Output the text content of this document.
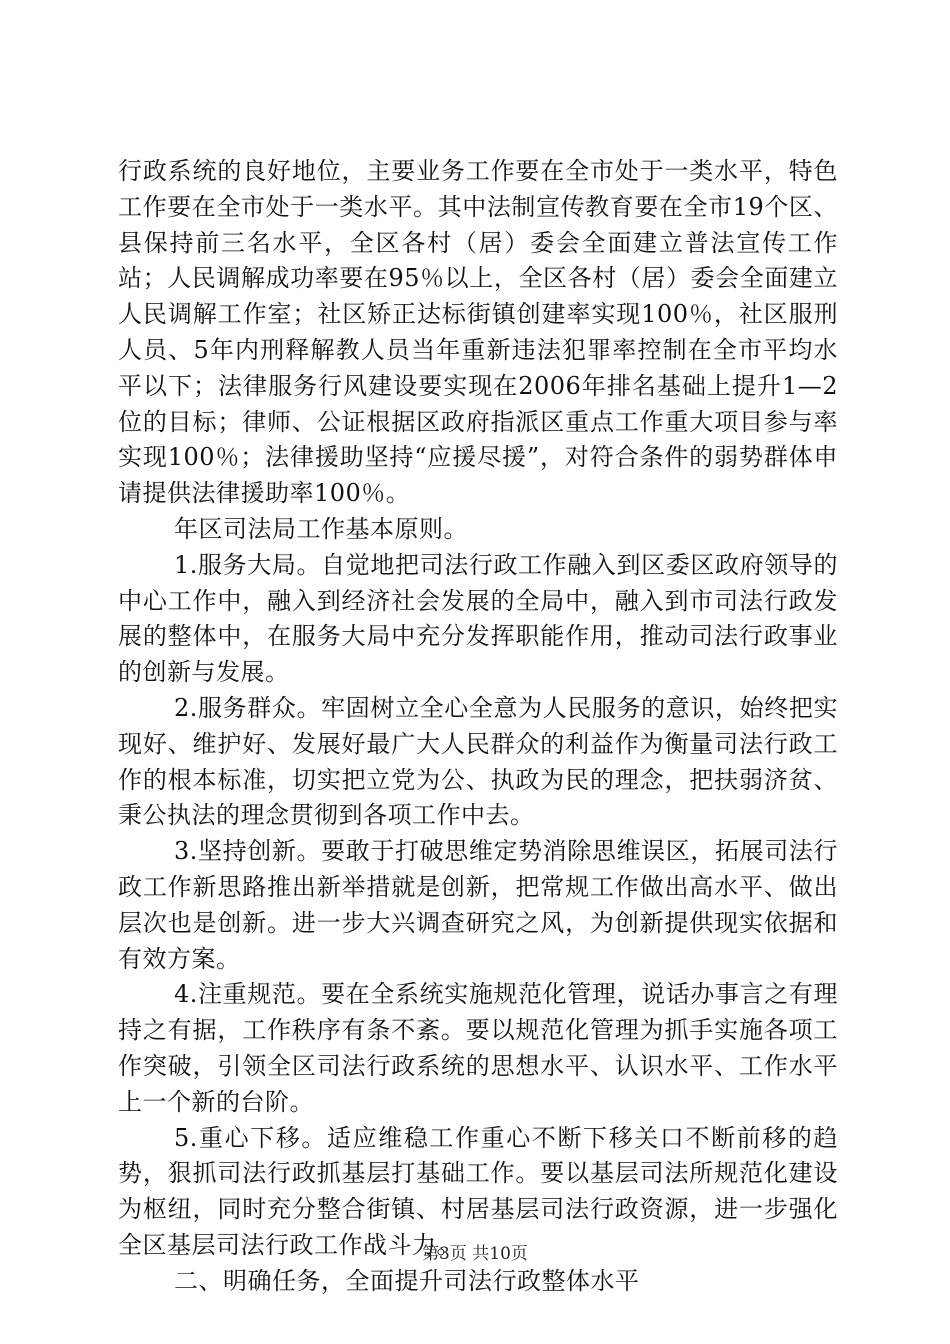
行政系统的良好地位，主要业务工作要在全市处于一类水平，特色工作要在全市处于一类水平。其中法制宣传教育要在全市19个区、县保持前三名水平，全区各村（居）委会全面建立普法宣传工作站；人民调解成功率要在95％以上，全区各村（居）委会全面建立人民调解工作室；社区矫正达标街镇创建率实现100％，社区服刑人员、5年内刑释解教人员当年重新违法犯罪率控制在全市平均水平以下；法律服务行风建设要实现在2006年排名基础上提升1—2位的目标；律师、公证根据区政府指派区重点工作重大项目参与率实现100％；法律援助坚持“应援尽援”，对符合条件的弱势群体申请提供法律援助率100％。

年区司法局工作基本原则。

1.服务大局。自觉地把司法行政工作融入到区委区政府领导的中心工作中，融入到经济社会发展的全局中，融入到市司法行政发展的整体中，在服务大局中充分发挥职能作用，推动司法行政事业的创新与发展。

2.服务群众。牢固树立全心全意为人民服务的意识，始终把实现好、维护好、发展好最广大人民群众的利益作为衡量司法行政工作的根本标准，切实把立党为公、执政为民的理念，把扶弱济贫、秉公执法的理念贯彻到各项工作中去。

3.坚持创新。要敢于打破思维定势消除思维误区，拓展司法行政工作新思路推出新举措就是创新，把常规工作做出高水平、做出层次也是创新。进一步大兴调查研究之风，为创新提供现实依据和有效方案。

4.注重规范。要在全系统实施规范化管理，说话办事言之有理持之有据，工作秩序有条不紊。要以规范化管理为抓手实施各项工作突破，引领全区司法行政系统的思想水平、认识水平、工作水平上一个新的台阶。

5.重心下移。适应维稳工作重心不断下移关口不断前移的趋势，狠抓司法行政抓基层打基础工作。要以基层司法所规范化建设为枢纽，同时充分整合街镇、村居基层司法行政资源，进一步强化全区基层司法行政工作战斗力。

二、明确任务，全面提升司法行政整体水平

第3页 共10页
